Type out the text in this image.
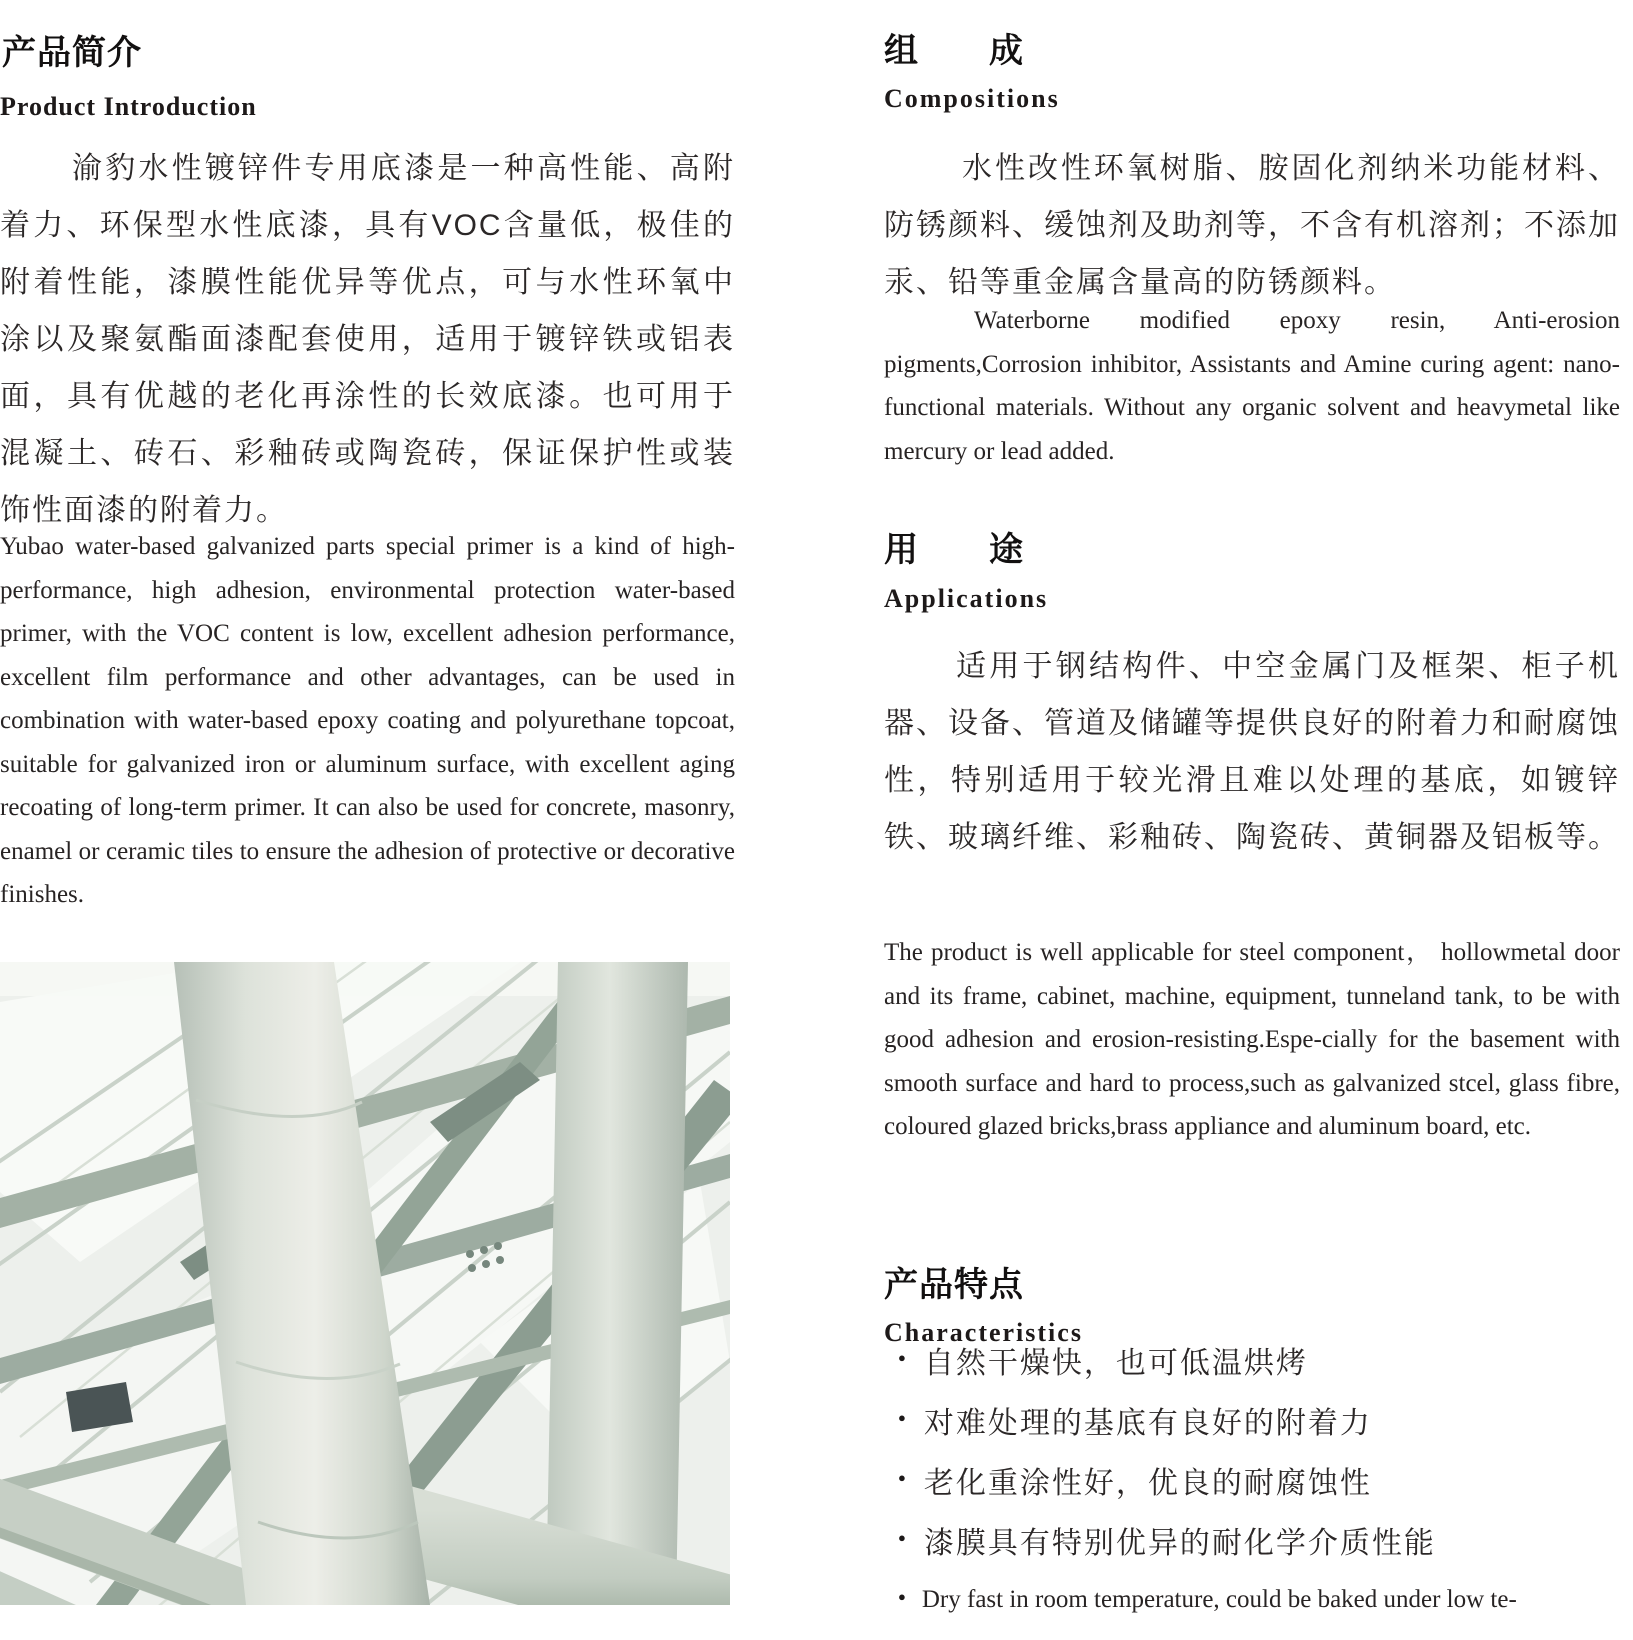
产品简介
Product Introduction

渝豹水性镀锌件专用底漆是一种高性能、高附着力、环保型水性底漆，具有VOC含量低，极佳的附着性能，漆膜性能优异等优点，可与水性环氧中涂以及聚氨酯面漆配套使用，适用于镀锌铁或铝表面，具有优越的老化再涂性的长效底漆。也可用于混凝土、砖石、彩釉砖或陶瓷砖，保证保护性或装饰性面漆的附着力。

Yubao water-based galvanized parts special primer is a kind of high-performance, high adhesion, environmental protection water-based primer, with the VOC content is low, excellent adhesion performance, excellent film performance and other advantages, can be used in combination with water-based epoxy coating and polyurethane topcoat, suitable for galvanized iron or aluminum surface, with excellent aging recoating of long-term primer. It can also be used for concrete, masonry, enamel or ceramic tiles to ensure the adhesion of protective or decorative finishes.

组　　成
Compositions

水性改性环氧树脂、胺固化剂纳米功能材料、防锈颜料、缓蚀剂及助剂等，不含有机溶剂；不添加汞、铅等重金属含量高的防锈颜料。

Waterborne modified epoxy resin, Anti-erosion pigments,Corrosion inhibitor, Assistants and Amine curing agent: nano-functional materials. Without any organic solvent and heavymetal like mercury or lead added.

用　　途
Applications

适用于钢结构件、中空金属门及框架、柜子机器、设备、管道及储罐等提供良好的附着力和耐腐蚀性，特别适用于较光滑且难以处理的基底，如镀锌铁、玻璃纤维、彩釉砖、陶瓷砖、黄铜器及铝板等。

The product is well applicable for steel component， hollowmetal door and its frame, cabinet, machine, equipment, tunneland tank, to be with good adhesion and erosion-resisting.Espe-cially for the basement with smooth surface and hard to process,such as galvanized stcel, glass fibre, coloured glazed bricks,brass appliance and aluminum board, etc.

产品特点
Characteristics
● 自然干燥快，也可低温烘烤
● 对难处理的基底有良好的附着力
● 老化重涂性好，优良的耐腐蚀性
● 漆膜具有特别优异的耐化学介质性能
● Dry fast in room temperature, could be baked under low te-
